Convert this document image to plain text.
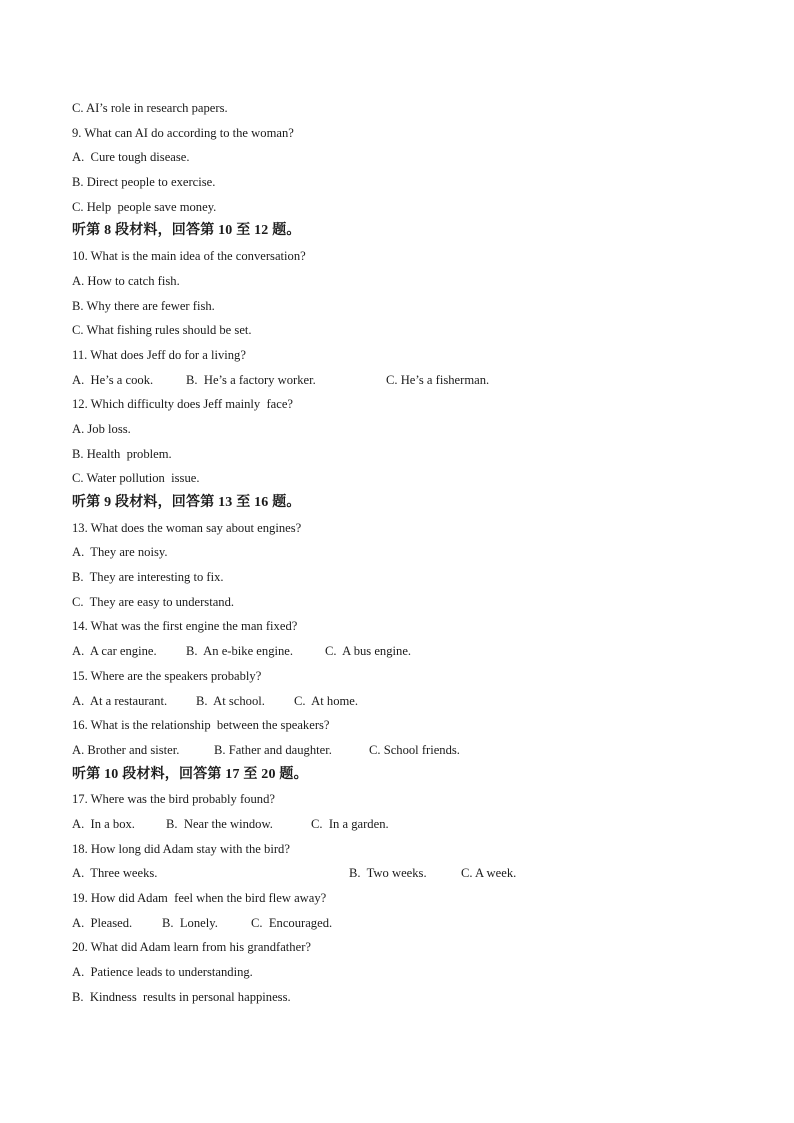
C. AI’s role in research papers.
9. What can AI do according to the woman?
A.  Cure tough disease.
B. Direct people to exercise.
C. Help  people save money.
听第 8 段材料，回答第 10 至 12 题。
10. What is the main idea of the conversation?
A. How to catch fish.
B. Why there are fewer fish.
C. What fishing rules should be set.
11. What does Jeff do for a living?

A.  He’s a cook.

	B.  He’s a factory worker.

	C. He’s a fisherman.

12. Which difficulty does Jeff mainly  face?
A. Job loss.
B. Health  problem.
C. Water pollution  issue.
听第 9 段材料，回答第 13 至 16 题。
13. What does the woman say about engines?
A.  They are noisy.
B.  They are interesting to fix.
C.  They are easy to understand.
14. What was the first engine the man fixed?

A.  A car engine.

B.  An e-bike engine.

	C.  A bus engine.

15. Where are the speakers probably?

A.  At a restaurant.

B.  At school.

C.  At home.

16. What is the relationship  between the speakers?

A. Brother and sister.

	B. Father and daughter.

	C. School friends.

听第 10 段材料，回答第 17 至 20 题。
17. Where was the bird probably found?

A.  In a box.

B.  Near the window.

	C.  In a garden.

18. How long did Adam stay with the bird?

A.  Three weeks.

	B.  Two weeks.

	C. A week.

19. How did Adam  feel when the bird flew away?

A.  Pleased.

B.  Lonely.

	C.  Encouraged.

20. What did Adam learn from his grandfather?
A.  Patience leads to understanding.
B.  Kindness  results in personal happiness.
